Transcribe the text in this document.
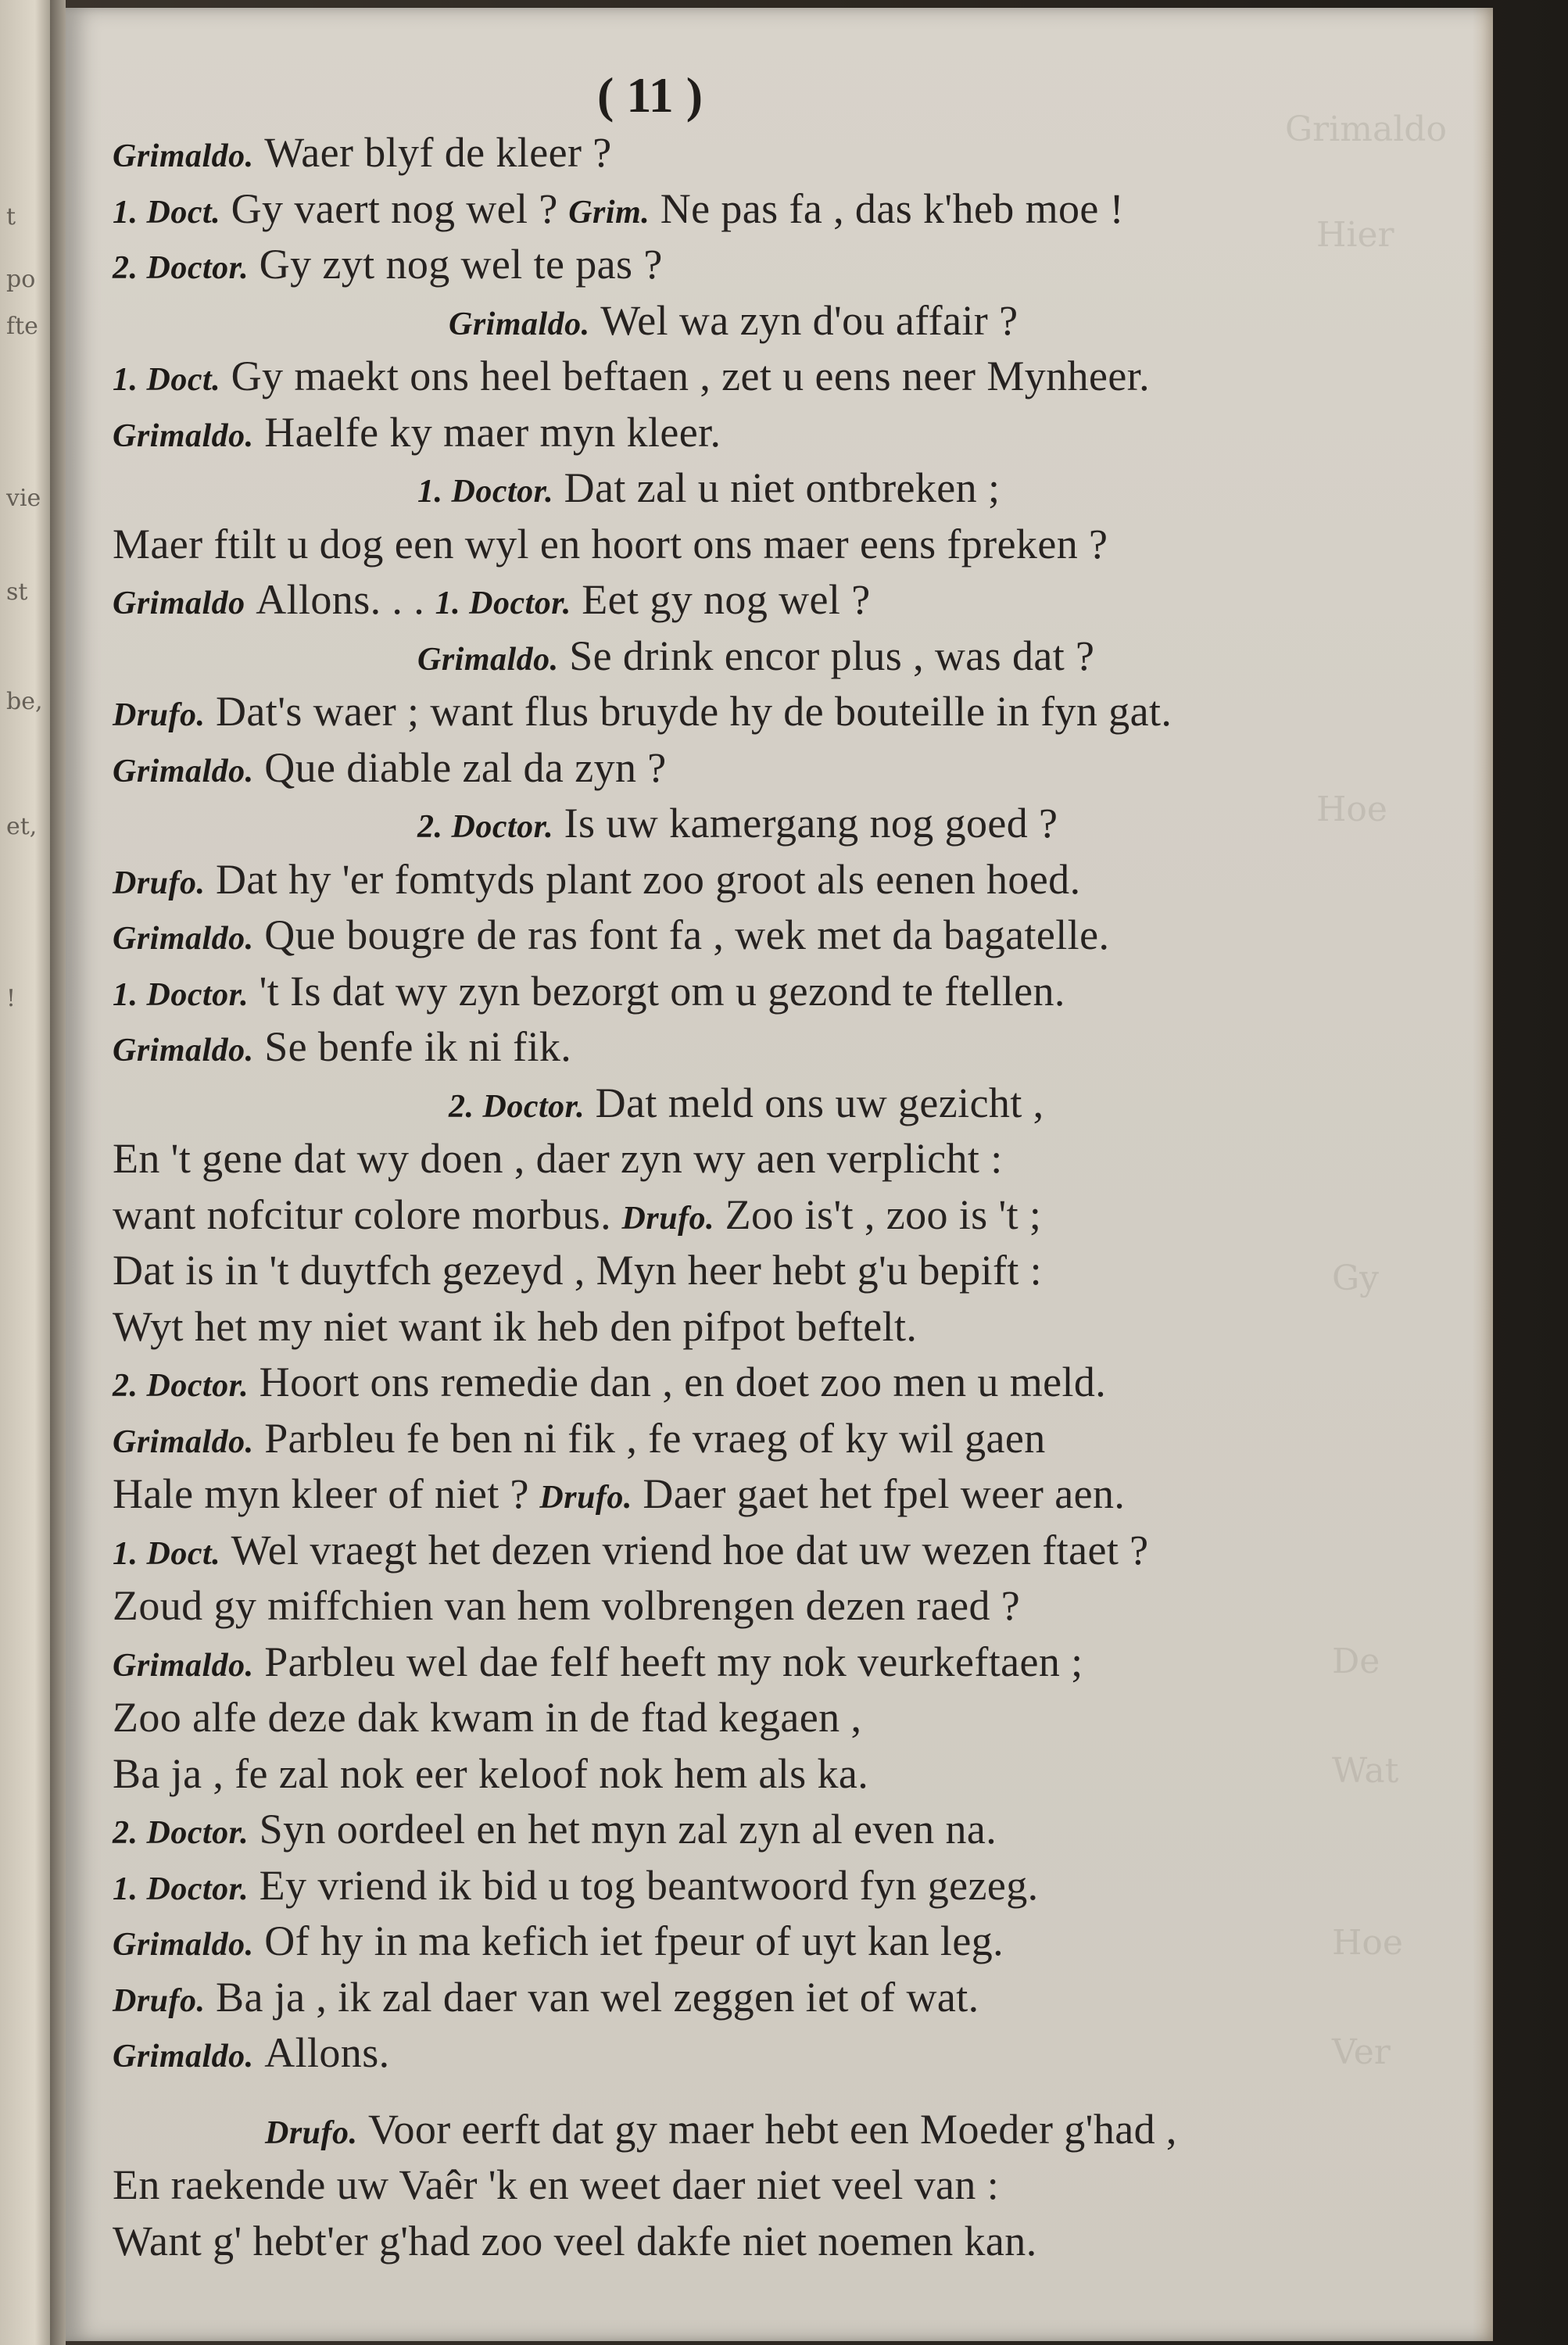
t
po
fte
vie
st
be,
et,
!
Grimaldo
Hier
Hoe
Gy
De
Wat
Hoe
Ver
( 11 )
Grimaldo. Waer blyf de kleer ?
1. Doct. Gy vaert nog wel ? Grim. Ne pas fa , das k'heb moe !
2. Doctor. Gy zyt nog wel te pas ?
Grimaldo. Wel wa zyn d'ou affair ?
1. Doct. Gy maekt ons heel beftaen , zet u eens neer Mynheer.
Grimaldo. Haelfe ky maer myn kleer.
1. Doctor. Dat zal u niet ontbreken ;
Maer ftilt u dog een wyl en hoort ons maer eens fpreken ?
Grimaldo Allons. . . 1. Doctor. Eet gy nog wel ?
Grimaldo. Se drink encor plus , was dat ?
Drufo. Dat's waer ; want flus bruyde hy de bouteille in fyn gat.
Grimaldo. Que diable zal da zyn ?
2. Doctor. Is uw kamergang nog goed ?
Drufo. Dat hy 'er fomtyds plant zoo groot als eenen hoed.
Grimaldo. Que bougre de ras font fa , wek met da bagatelle.
1. Doctor. 't Is dat wy zyn bezorgt om u gezond te ftellen.
Grimaldo. Se benfe ik ni fik.
2. Doctor. Dat meld ons uw gezicht ,
En 't gene dat wy doen , daer zyn wy aen verplicht :
want nofcitur colore morbus. Drufo. Zoo is't , zoo is 't ;
Dat is in 't duytfch gezeyd , Myn heer hebt g'u bepift :
Wyt het my niet want ik heb den pifpot beftelt.
2. Doctor. Hoort ons remedie dan , en doet zoo men u meld.
Grimaldo. Parbleu fe ben ni fik , fe vraeg of ky wil gaen
Hale myn kleer of niet ? Drufo. Daer gaet het fpel weer aen.
1. Doct. Wel vraegt het dezen vriend hoe dat uw wezen ftaet ?
Zoud gy miffchien van hem volbrengen dezen raed ?
Grimaldo. Parbleu wel dae felf heeft my nok veurkeftaen ;
Zoo alfe deze dak kwam in de ftad kegaen ,
Ba ja , fe zal nok eer keloof nok hem als ka.
2. Doctor. Syn oordeel en het myn zal zyn al even na.
1. Doctor. Ey vriend ik bid u tog beantwoord fyn gezeg.
Grimaldo. Of hy in ma kefich iet fpeur of uyt kan leg.
Drufo. Ba ja , ik zal daer van wel zeggen iet of wat.
Grimaldo. Allons.
Drufo. Voor eerft dat gy maer hebt een Moeder g'had ,
En raekende uw Vaêr 'k en weet daer niet veel van :
Want g' hebt'er g'had zoo veel dakfe niet noemen kan.
